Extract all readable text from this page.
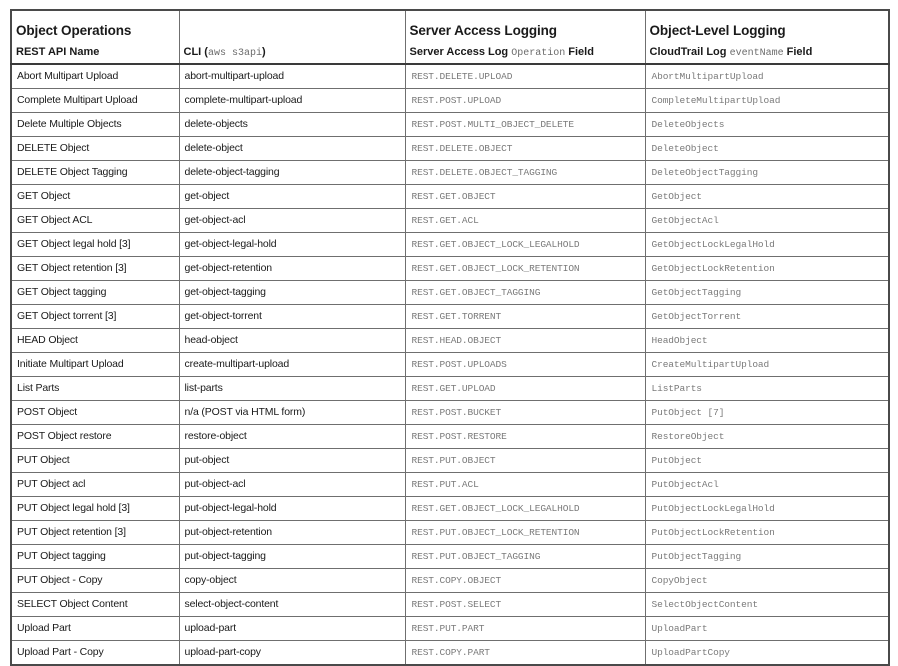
Object Operations		Server Access Logging	Object-Level Logging
REST API Name	CLI (aws s3api)	Server Access Log Operation Field	CloudTrail Log eventName Field
Abort Multipart Upload	abort-multipart-upload	REST.DELETE.UPLOAD	AbortMultipartUpload
Complete Multipart Upload	complete-multipart-upload	REST.POST.UPLOAD	CompleteMultipartUpload
Delete Multiple Objects	delete-objects	REST.POST.MULTI_OBJECT_DELETE	DeleteObjects
DELETE Object	delete-object	REST.DELETE.OBJECT	DeleteObject
DELETE Object Tagging	delete-object-tagging	REST.DELETE.OBJECT_TAGGING	DeleteObjectTagging
GET Object	get-object	REST.GET.OBJECT	GetObject
GET Object ACL	get-object-acl	REST.GET.ACL	GetObjectAcl
GET Object legal hold [3]	get-object-legal-hold	REST.GET.OBJECT_LOCK_LEGALHOLD	GetObjectLockLegalHold
GET Object retention [3]	get-object-retention	REST.GET.OBJECT_LOCK_RETENTION	GetObjectLockRetention
GET Object tagging	get-object-tagging	REST.GET.OBJECT_TAGGING	GetObjectTagging
GET Object torrent [3]	get-object-torrent	REST.GET.TORRENT	GetObjectTorrent
HEAD Object	head-object	REST.HEAD.OBJECT	HeadObject
Initiate Multipart Upload	create-multipart-upload	REST.POST.UPLOADS	CreateMultipartUpload
List Parts	list-parts	REST.GET.UPLOAD	ListParts
POST Object	n/a (POST via HTML form)	REST.POST.BUCKET	PutObject [7]
POST Object restore	restore-object	REST.POST.RESTORE	RestoreObject
PUT Object	put-object	REST.PUT.OBJECT	PutObject
PUT Object acl	put-object-acl	REST.PUT.ACL	PutObjectAcl
PUT Object legal hold [3]	put-object-legal-hold	REST.GET.OBJECT_LOCK_LEGALHOLD	PutObjectLockLegalHold
PUT Object retention [3]	put-object-retention	REST.PUT.OBJECT_LOCK_RETENTION	PutObjectLockRetention
PUT Object tagging	put-object-tagging	REST.PUT.OBJECT_TAGGING	PutObjectTagging
PUT Object - Copy	copy-object	REST.COPY.OBJECT	CopyObject
SELECT Object Content	select-object-content	REST.POST.SELECT	SelectObjectContent
Upload Part	upload-part	REST.PUT.PART	UploadPart
Upload Part - Copy	upload-part-copy	REST.COPY.PART	UploadPartCopy
